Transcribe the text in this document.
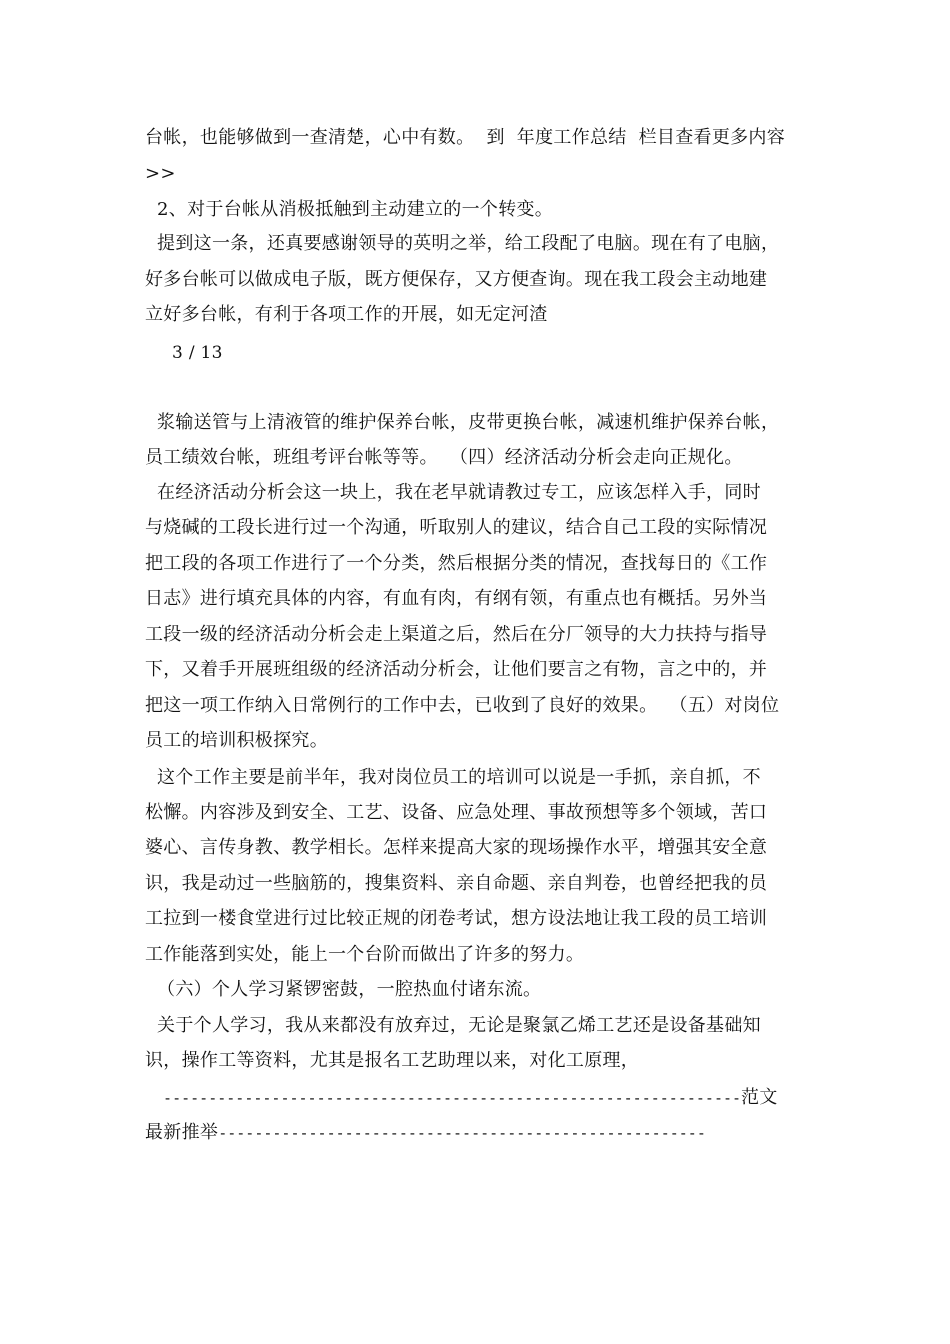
台帐，也能够做到一查清楚，心中有数。  到  年度工作总结  栏目查看更多内容
>>
2、对于台帐从消极抵触到主动建立的一个转变。
提到这一条，还真要感谢领导的英明之举，给工段配了电脑。现在有了电脑，
好多台帐可以做成电子版，既方便保存，又方便查询。现在我工段会主动地建
立好多台帐，有利于各项工作的开展，如无定河渣
3 / 13
浆输送管与上清液管的维护保养台帐，皮带更换台帐，减速机维护保养台帐，
员工绩效台帐，班组考评台帐等等。  （四）经济活动分析会走向正规化。
在经济活动分析会这一块上，我在老早就请教过专工，应该怎样入手，同时
与烧碱的工段长进行过一个沟通，听取别人的建议，结合自己工段的实际情况
把工段的各项工作进行了一个分类，然后根据分类的情况，查找每日的《工作
日志》进行填充具体的内容，有血有肉，有纲有领，有重点也有概括。另外当
工段一级的经济活动分析会走上渠道之后，然后在分厂领导的大力扶持与指导
下，又着手开展班组级的经济活动分析会，让他们要言之有物，言之中的，并
把这一项工作纳入日常例行的工作中去，已收到了良好的效果。  （五）对岗位
员工的培训积极探究。
这个工作主要是前半年，我对岗位员工的培训可以说是一手抓，亲自抓，不
松懈。内容涉及到安全、工艺、设备、应急处理、事故预想等多个领域，苦口
婆心、言传身教、教学相长。怎样来提高大家的现场操作水平，增强其安全意
识，我是动过一些脑筋的，搜集资料、亲自命题、亲自判卷，也曾经把我的员
工拉到一楼食堂进行过比较正规的闭卷考试，想方设法地让我工段的员工培训
工作能落到实处，能上一个台阶而做出了许多的努力。
（六）个人学习紧锣密鼓，一腔热血付诸东流。
关于个人学习，我从来都没有放弃过，无论是聚氯乙烯工艺还是设备基础知
识，操作工等资料，尤其是报名工艺助理以来，对化工原理，
----------------------------------------------------------------范文
最新推举------------------------------------------------------
